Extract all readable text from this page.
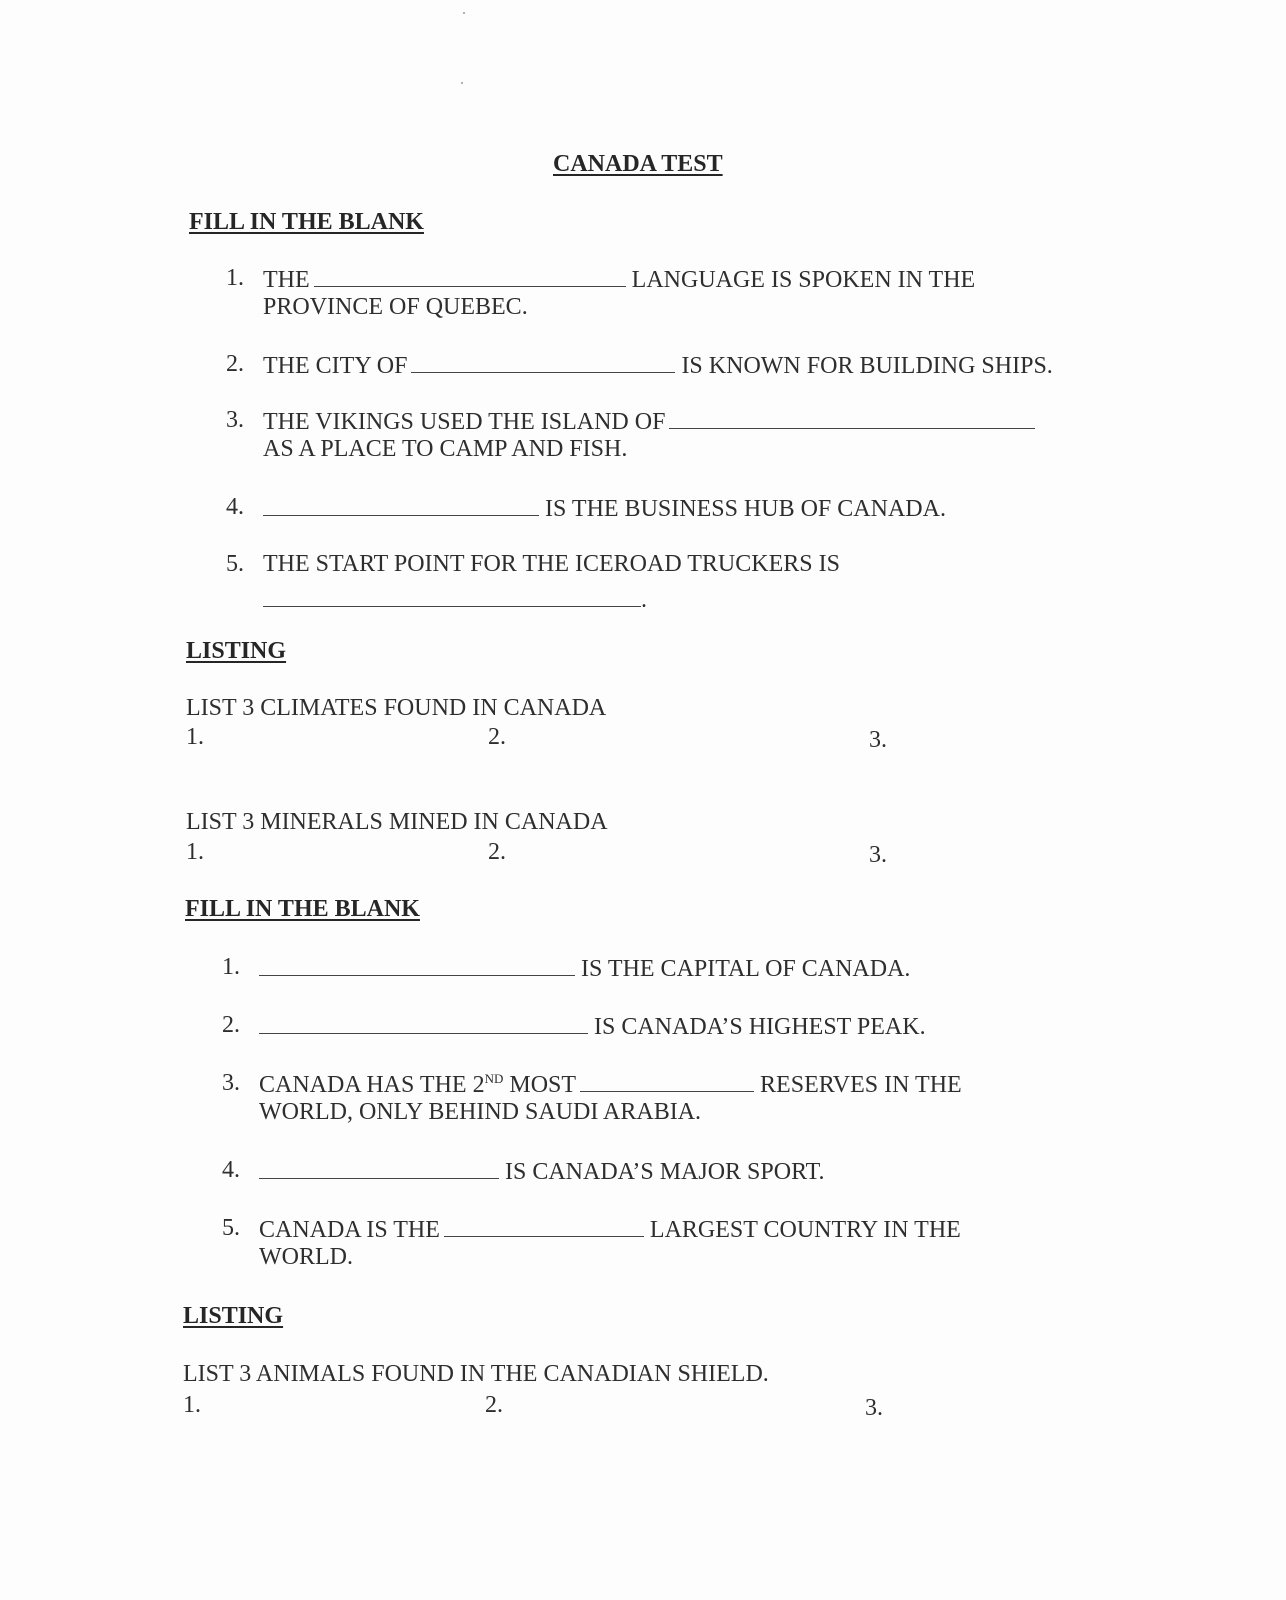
CANADA TEST
FILL IN THE BLANK
1. THE	LANGUAGE IS SPOKEN IN THE
PROVINCE OF QUEBEC.
2. THE CITY OF	IS KNOWN FOR BUILDING SHIPS.
3. THE VIKINGS USED THE ISLAND OF
AS A PLACE TO CAMP AND FISH.
4.	IS THE BUSINESS HUB OF CANADA.
5. THE START POINT FOR THE ICEROAD TRUCKERS IS
.
LISTING
LIST 3 CLIMATES FOUND IN CANADA
1.	2.	3.
LIST 3 MINERALS MINED IN CANADA
1.	2.	3.
FILL IN THE BLANK
1.	IS THE CAPITAL OF CANADA.
2.	IS CANADA’S HIGHEST PEAK.
3. CANADA HAS THE 2ND MOST	RESERVES IN THE
WORLD, ONLY BEHIND SAUDI ARABIA.
4.	IS CANADA’S MAJOR SPORT.
5. CANADA IS THE	LARGEST COUNTRY IN THE
WORLD.
LISTING
LIST 3 ANIMALS FOUND IN THE CANADIAN SHIELD.
1.	2.	3.
